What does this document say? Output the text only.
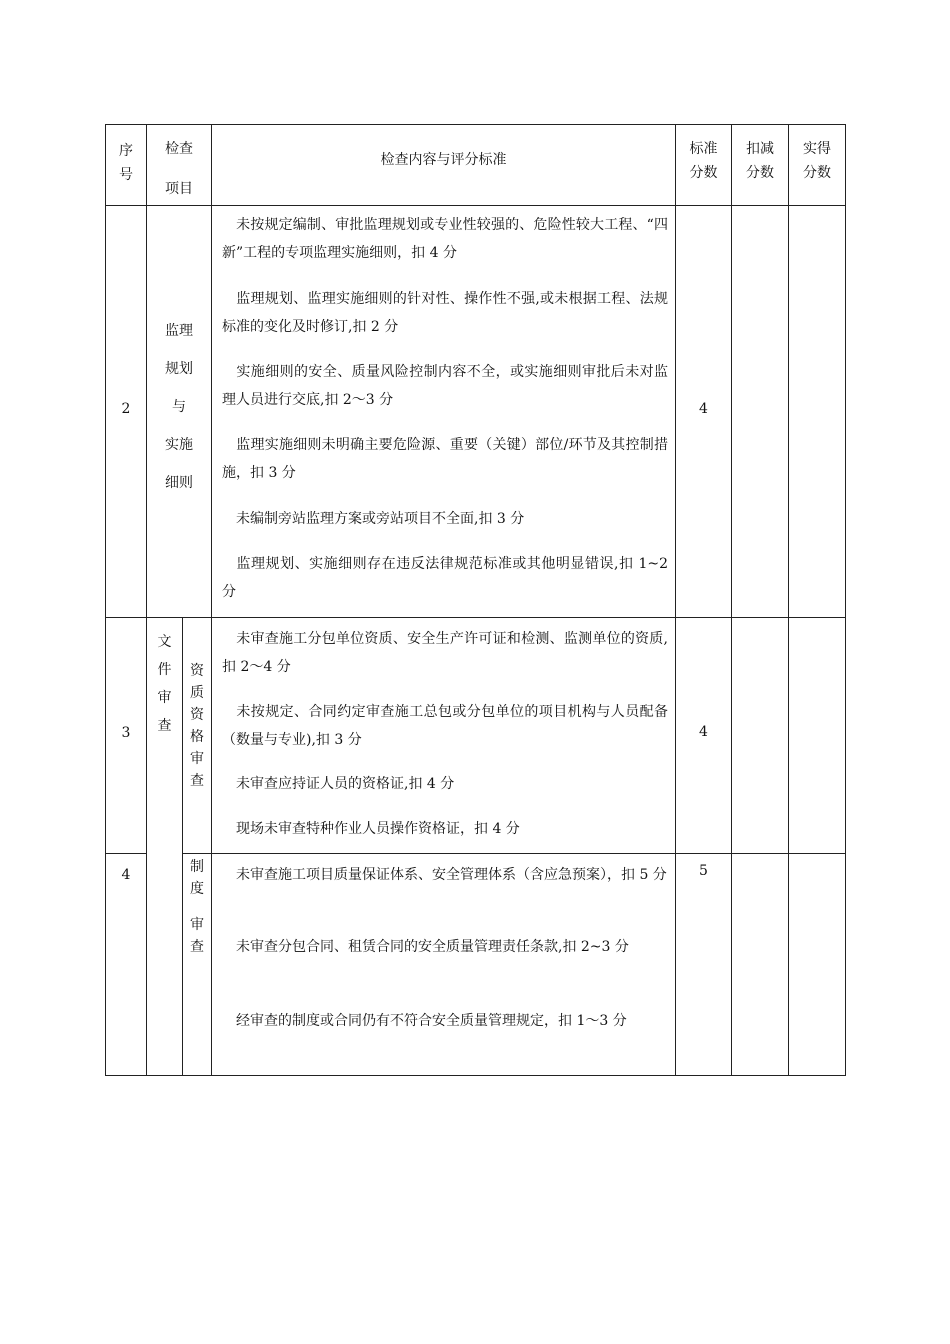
序
号
检查
项目
检查内容与评分标准
标准
分数
扣减
分数
实得
分数
2
监理
规划
与
实施
细则
未按规定编制、审批监理规划或专业性较强的、危险性较大工程、“四新”工程的专项监理实施细则，扣 4 分
监理规划、监理实施细则的针对性、操作性不强,或未根据工程、法规标准的变化及时修订,扣 2 分
实施细则的安全、质量风险控制内容不全，或实施细则审批后未对监理人员进行交底,扣 2～3 分
监理实施细则未明确主要危险源、重要（关键）部位/环节及其控制措施，扣 3 分
未编制旁站监理方案或旁站项目不全面,扣 3 分
监理规划、实施细则存在违反法律规范标准或其他明显错误,扣 1~2 分
4
3
文
件
审
查
资
质
资
格
审
查
未审查施工分包单位资质、安全生产许可证和检测、监测单位的资质,扣 2～4 分
未按规定、合同约定审查施工总包或分包单位的项目机构与人员配备（数量与专业),扣 3 分
未审查应持证人员的资格证,扣 4 分
现场未审查特种作业人员操作资格证，扣 4 分
4
4	制
度
审
查
未审查施工项目质量保证体系、安全管理体系（含应急预案），扣 5 分
未审查分包合同、租赁合同的安全质量管理责任条款,扣 2~3 分
经审查的制度或合同仍有不符合安全质量管理规定，扣 1～3 分
5
